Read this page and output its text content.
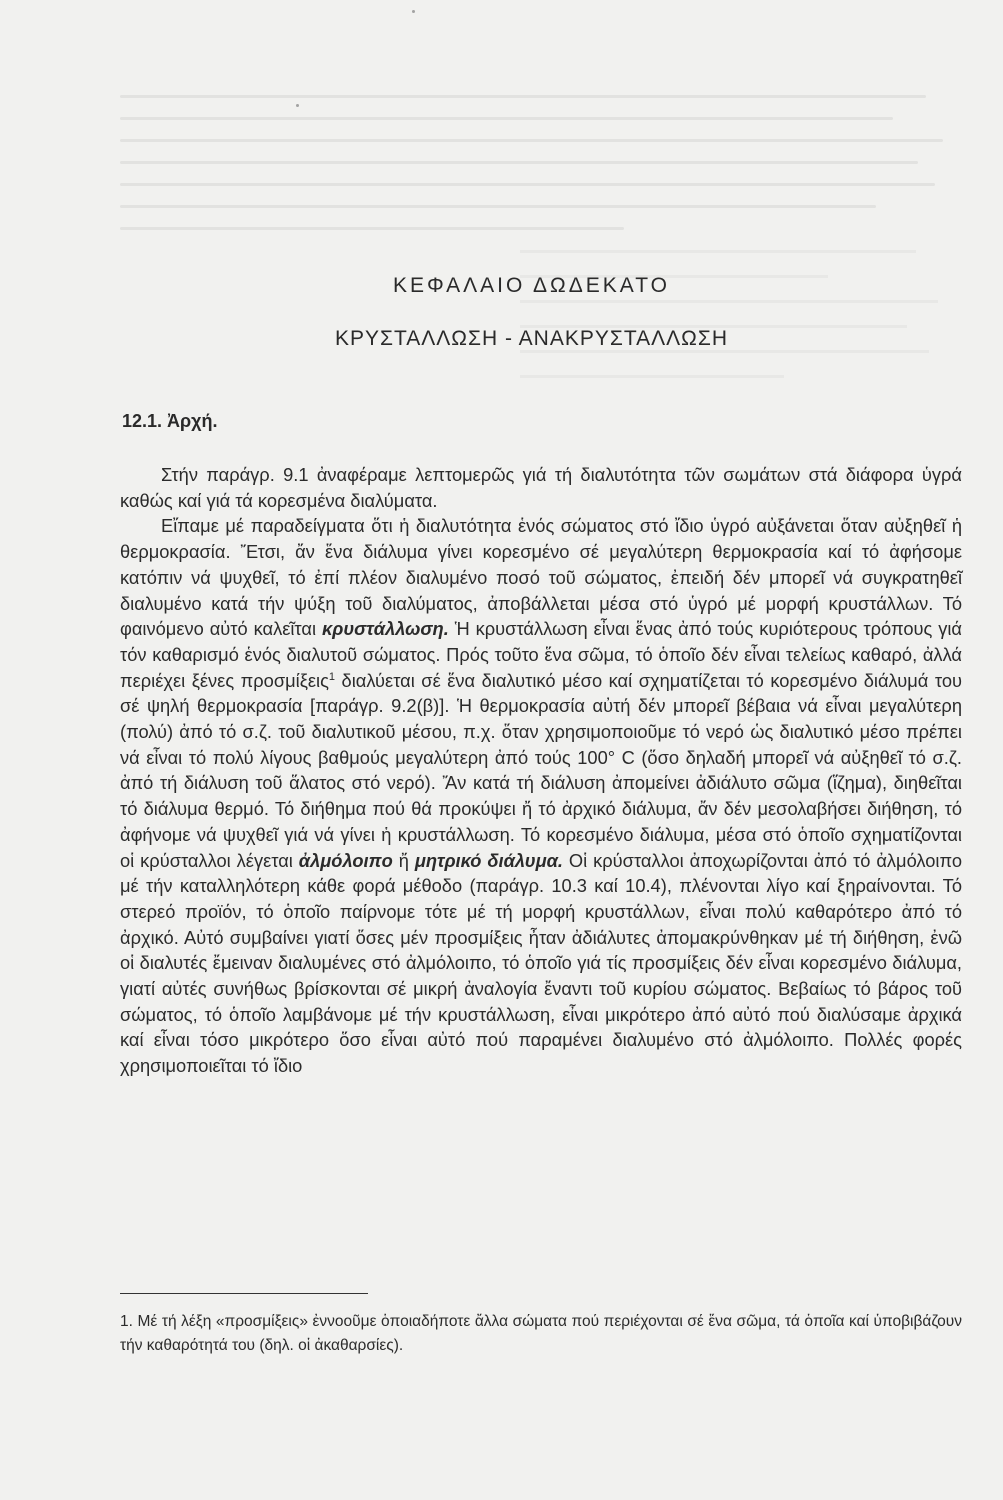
ΚΕΦΑΛΑΙΟ ΔΩΔΕΚΑΤΟ
ΚΡΥΣΤΑΛΛΩΣΗ - ΑΝΑΚΡΥΣΤΑΛΛΩΣΗ
12.1. Ἀρχή.

Στήν παράγρ. 9.1 ἀναφέραμε λεπτομερῶς γιά τή διαλυτότητα τῶν σωμάτων στά διάφορα ὑγρά καθώς καί γιά τά κορεσμένα διαλύματα.

Εἴπαμε μέ παραδείγματα ὅτι ἡ διαλυτότητα ἑνός σώματος στό ἴδιο ὑγρό αὐξάνεται ὅταν αὐξηθεῖ ἡ θερμοκρασία. Ἔτσι, ἄν ἕνα διάλυμα γίνει κορεσμένο σέ μεγαλύτερη θερμοκρασία καί τό ἀφήσομε κατόπιν νά ψυχθεῖ, τό ἐπί πλέον διαλυμένο ποσό τοῦ σώματος, ἐπειδή δέν μπορεῖ νά συγκρατηθεῖ διαλυμένο κατά τήν ψύξη τοῦ διαλύματος, ἀποβάλλεται μέσα στό ὑγρό μέ μορφή κρυστάλλων. Τό φαινόμενο αὐτό καλεῖται κρυστάλλωση. Ἡ κρυστάλλωση εἶναι ἕνας ἀπό τούς κυριότερους τρόπους γιά τόν καθαρισμό ἑνός διαλυτοῦ σώματος. Πρός τοῦτο ἕνα σῶμα, τό ὁποῖο δέν εἶναι τελείως καθαρό, ἀλλά περιέχει ξένες προσμίξεις$^1$ διαλύεται σέ ἕνα διαλυτικό μέσο καί σχηματίζεται τό κορεσμένο διάλυμά του σέ ψηλή θερμοκρασία [παράγρ. 9.2(β)]. Ἡ θερμοκρασία αὐτή δέν μπορεῖ βέβαια νά εἶναι μεγαλύτερη (πολύ) ἀπό τό σ.ζ. τοῦ διαλυτικοῦ μέσου, π.χ. ὅταν χρησιμοποιοῦμε τό νερό ὡς διαλυτικό μέσο πρέπει νά εἶναι τό πολύ λίγους βαθμούς μεγαλύτερη ἀπό τούς 100° C (ὅσο δηλαδή μπορεῖ νά αὐξηθεῖ τό σ.ζ. ἀπό τή διάλυση τοῦ ἅλατος στό νερό). Ἄν κατά τή διάλυση ἀπομείνει ἀδιάλυτο σῶμα (ἵζημα), διηθεῖται τό διάλυμα θερμό. Τό διήθημα πού θά προκύψει ἤ τό ἀρχικό διάλυμα, ἄν δέν μεσολαβήσει διήθηση, τό ἀφήνομε νά ψυχθεῖ γιά νά γίνει ἡ κρυστάλλωση. Τό κορεσμένο διάλυμα, μέσα στό ὁποῖο σχηματίζονται οἱ κρύσταλλοι λέγεται ἀλμόλοιπο ἤ μητρικό διάλυμα. Οἱ κρύσταλλοι ἀποχωρίζονται ἀπό τό ἀλμόλοιπο μέ τήν καταλληλότερη κάθε φορά μέθοδο (παράγρ. 10.3 καί 10.4), πλένονται λίγο καί ξηραίνονται. Τό στερεό προϊόν, τό ὁποῖο παίρνομε τότε μέ τή μορφή κρυστάλλων, εἶναι πολύ καθαρότερο ἀπό τό ἀρχικό. Αὐτό συμβαίνει γιατί ὅσες μέν προσμίξεις ἦταν ἀδιάλυτες ἀπομακρύνθηκαν μέ τή διήθηση, ἐνῶ οἱ διαλυτές ἔμειναν διαλυμένες στό ἀλμόλοιπο, τό ὁποῖο γιά τίς προσμίξεις δέν εἶναι κορεσμένο διάλυμα, γιατί αὐτές συνήθως βρίσκονται σέ μικρή ἀναλογία ἔναντι τοῦ κυρίου σώματος. Βεβαίως τό βάρος τοῦ σώματος, τό ὁποῖο λαμβάνομε μέ τήν κρυστάλλωση, εἶναι μικρότερο ἀπό αὐτό πού διαλύσαμε ἀρχικά καί εἶναι τόσο μικρότερο ὅσο εἶναι αὐτό πού παραμένει διαλυμένο στό ἀλμόλοιπο. Πολλές φορές χρησιμοποιεῖται τό ἴδιο

1. Μέ τή λέξη «προσμίξεις» ἐννοοῦμε ὁποιαδήποτε ἄλλα σώματα πού περιέχονται σέ ἕνα σῶμα, τά ὁποῖα καί ὑποβιβάζουν τήν καθαρότητά του (δηλ. οἱ ἀκαθαρσίες).
